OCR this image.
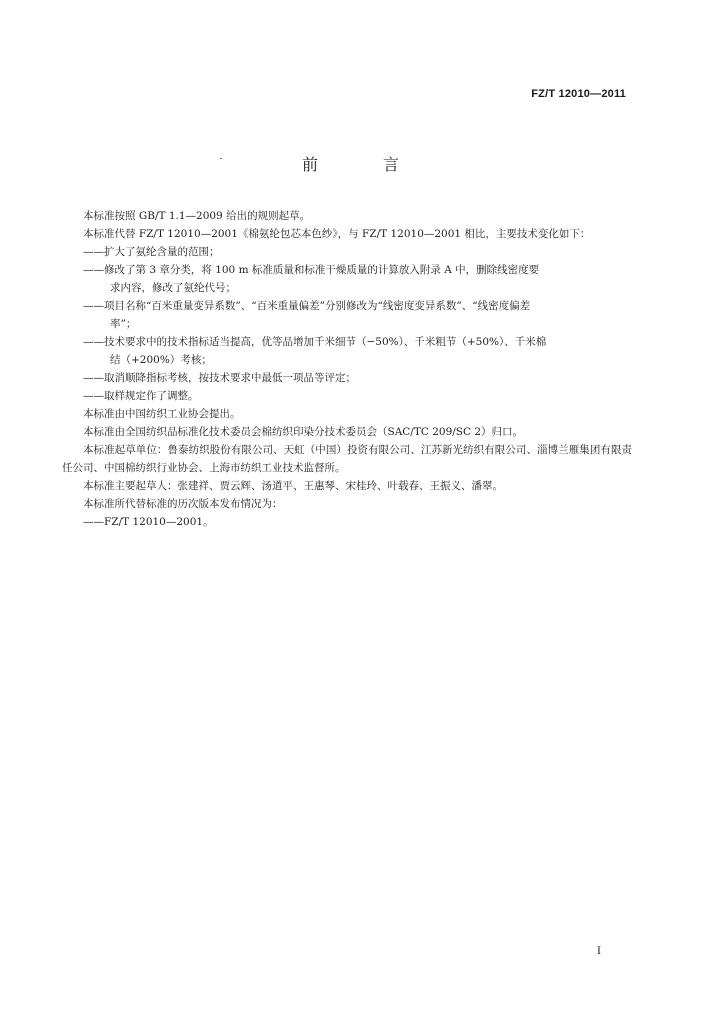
FZ/T 12010—2011
前 言

本标准按照 GB/T 1.1—2009 给出的规则起草。

本标准代替 FZ/T 12010—2001《棉氨纶包芯本色纱》，与 FZ/T 12010—2001 相比，主要技术变化如下：

——扩大了氨纶含量的范围；

——修改了第 3 章分类，将 100 m 标准质量和标准干燥质量的计算放入附录 A 中，删除线密度要
求内容，修改了氨纶代号；

——项目名称“百米重量变异系数”、“百米重量偏差”分别修改为“线密度变异系数”、“线密度偏差
率”；

——技术要求中的技术指标适当提高，优等品增加千米细节（−50%）、千米粗节（+50%）、千米棉
结（+200%）考核；

——取消顺降指标考核，按技术要求中最低一项品等评定；

——取样规定作了调整。

本标准由中国纺织工业协会提出。

本标准由全国纺织品标准化技术委员会棉纺织印染分技术委员会（SAC/TC 209/SC 2）归口。

本标准起草单位：鲁泰纺织股份有限公司、天虹（中国）投资有限公司、江苏新光纺织有限公司、淄博兰雁集团有限责任公司、中国棉纺织行业协会、上海市纺织工业技术监督所。

本标准主要起草人：张建祥、贾云辉、汤道平、王惠琴、宋桂玲、叶载春、王振义、潘翠。

本标准所代替标准的历次版本发布情况为：

——FZ/T 12010—2001。

I
